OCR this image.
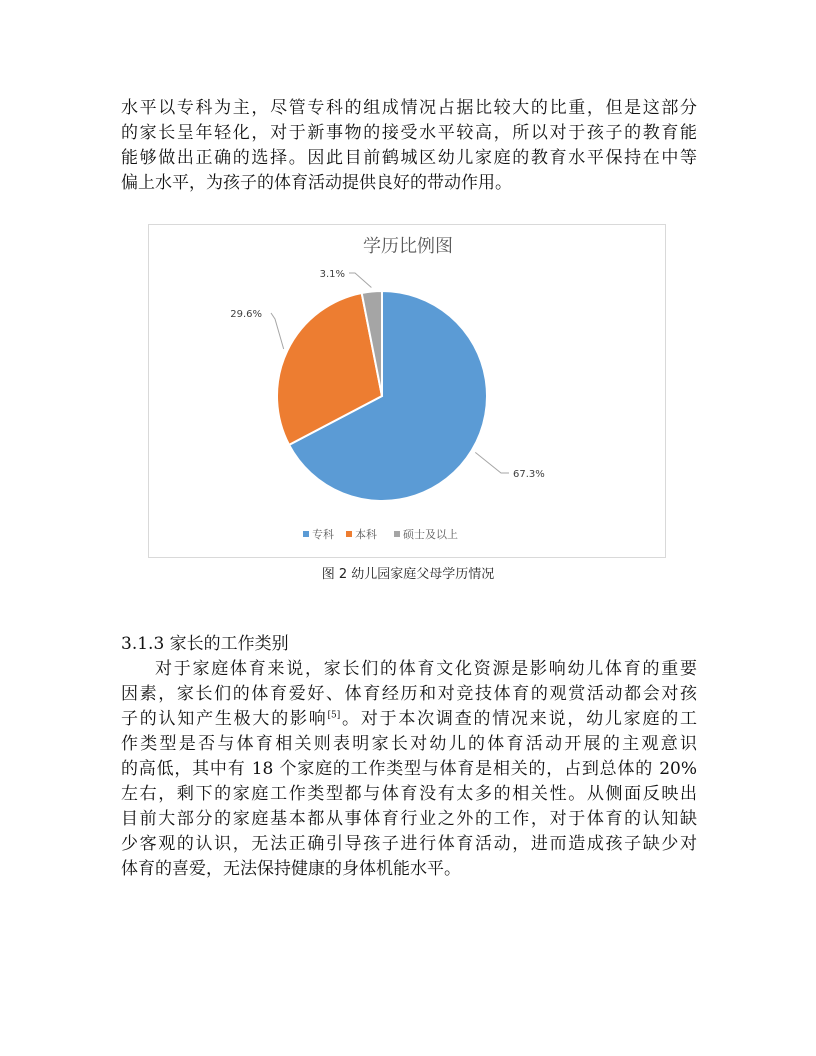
水平以专科为主，尽管专科的组成情况占据比较大的比重，但是这部分
的家长呈年轻化，对于新事物的接受水平较高，所以对于孩子的教育能
能够做出正确的选择。因此目前鹤城区幼儿家庭的教育水平保持在中等
偏上水平，为孩子的体育活动提供良好的带动作用。
学历比例图
67.3%
29.6%
3.1%
专科 本科 硕士及以上
图 2 幼儿园家庭父母学历情况
3.1.3 家长的工作类别
对于家庭体育来说，家长们的体育文化资源是影响幼儿体育的重要
因素，家长们的体育爱好、体育经历和对竞技体育的观赏活动都会对孩
子的认知产生极大的影响[5]。对于本次调查的情况来说，幼儿家庭的工
作类型是否与体育相关则表明家长对幼儿的体育活动开展的主观意识
的高低，其中有 18 个家庭的工作类型与体育是相关的，占到总体的 20%
左右，剩下的家庭工作类型都与体育没有太多的相关性。从侧面反映出
目前大部分的家庭基本都从事体育行业之外的工作，对于体育的认知缺
少客观的认识，无法正确引导孩子进行体育活动，进而造成孩子缺少对
体育的喜爱，无法保持健康的身体机能水平。
